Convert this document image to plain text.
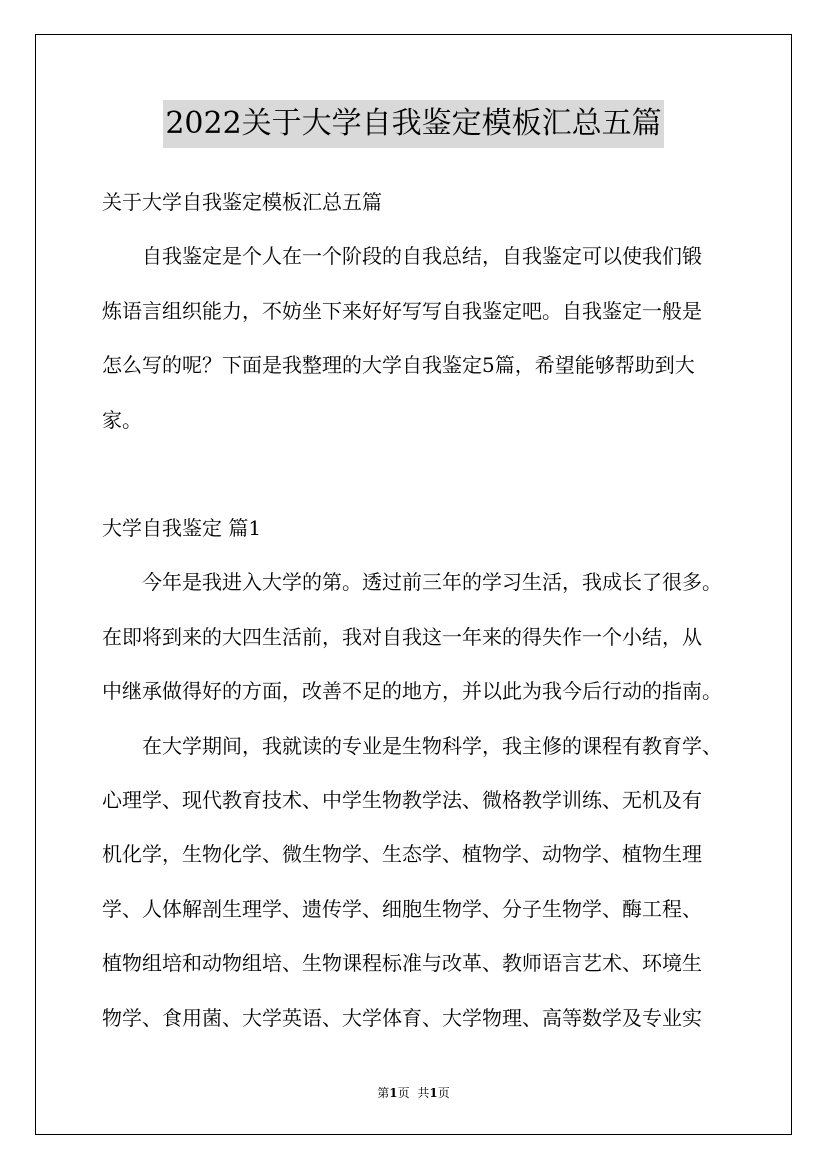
2022关于大学自我鉴定模板汇总五篇

关于大学自我鉴定模板汇总五篇

自我鉴定是个人在一个阶段的自我总结，自我鉴定可以使我们锻

炼语言组织能力，不妨坐下来好好写写自我鉴定吧。自我鉴定一般是

怎么写的呢？下面是我整理的大学自我鉴定5篇，希望能够帮助到大

家。

大学自我鉴定 篇1

今年是我进入大学的第。透过前三年的学习生活，我成长了很多。

在即将到来的大四生活前，我对自我这一年来的得失作一个小结，从

中继承做得好的方面，改善不足的地方，并以此为我今后行动的指南。

在大学期间，我就读的专业是生物科学，我主修的课程有教育学、

心理学、现代教育技术、中学生物教学法、微格教学训练、无机及有

机化学，生物化学、微生物学、生态学、植物学、动物学、植物生理

学、人体解剖生理学、遗传学、细胞生物学、分子生物学、酶工程、

植物组培和动物组培、生物课程标准与改革、教师语言艺术、环境生

物学、食用菌、大学英语、大学体育、大学物理、高等数学及专业实

第1页 共1页
